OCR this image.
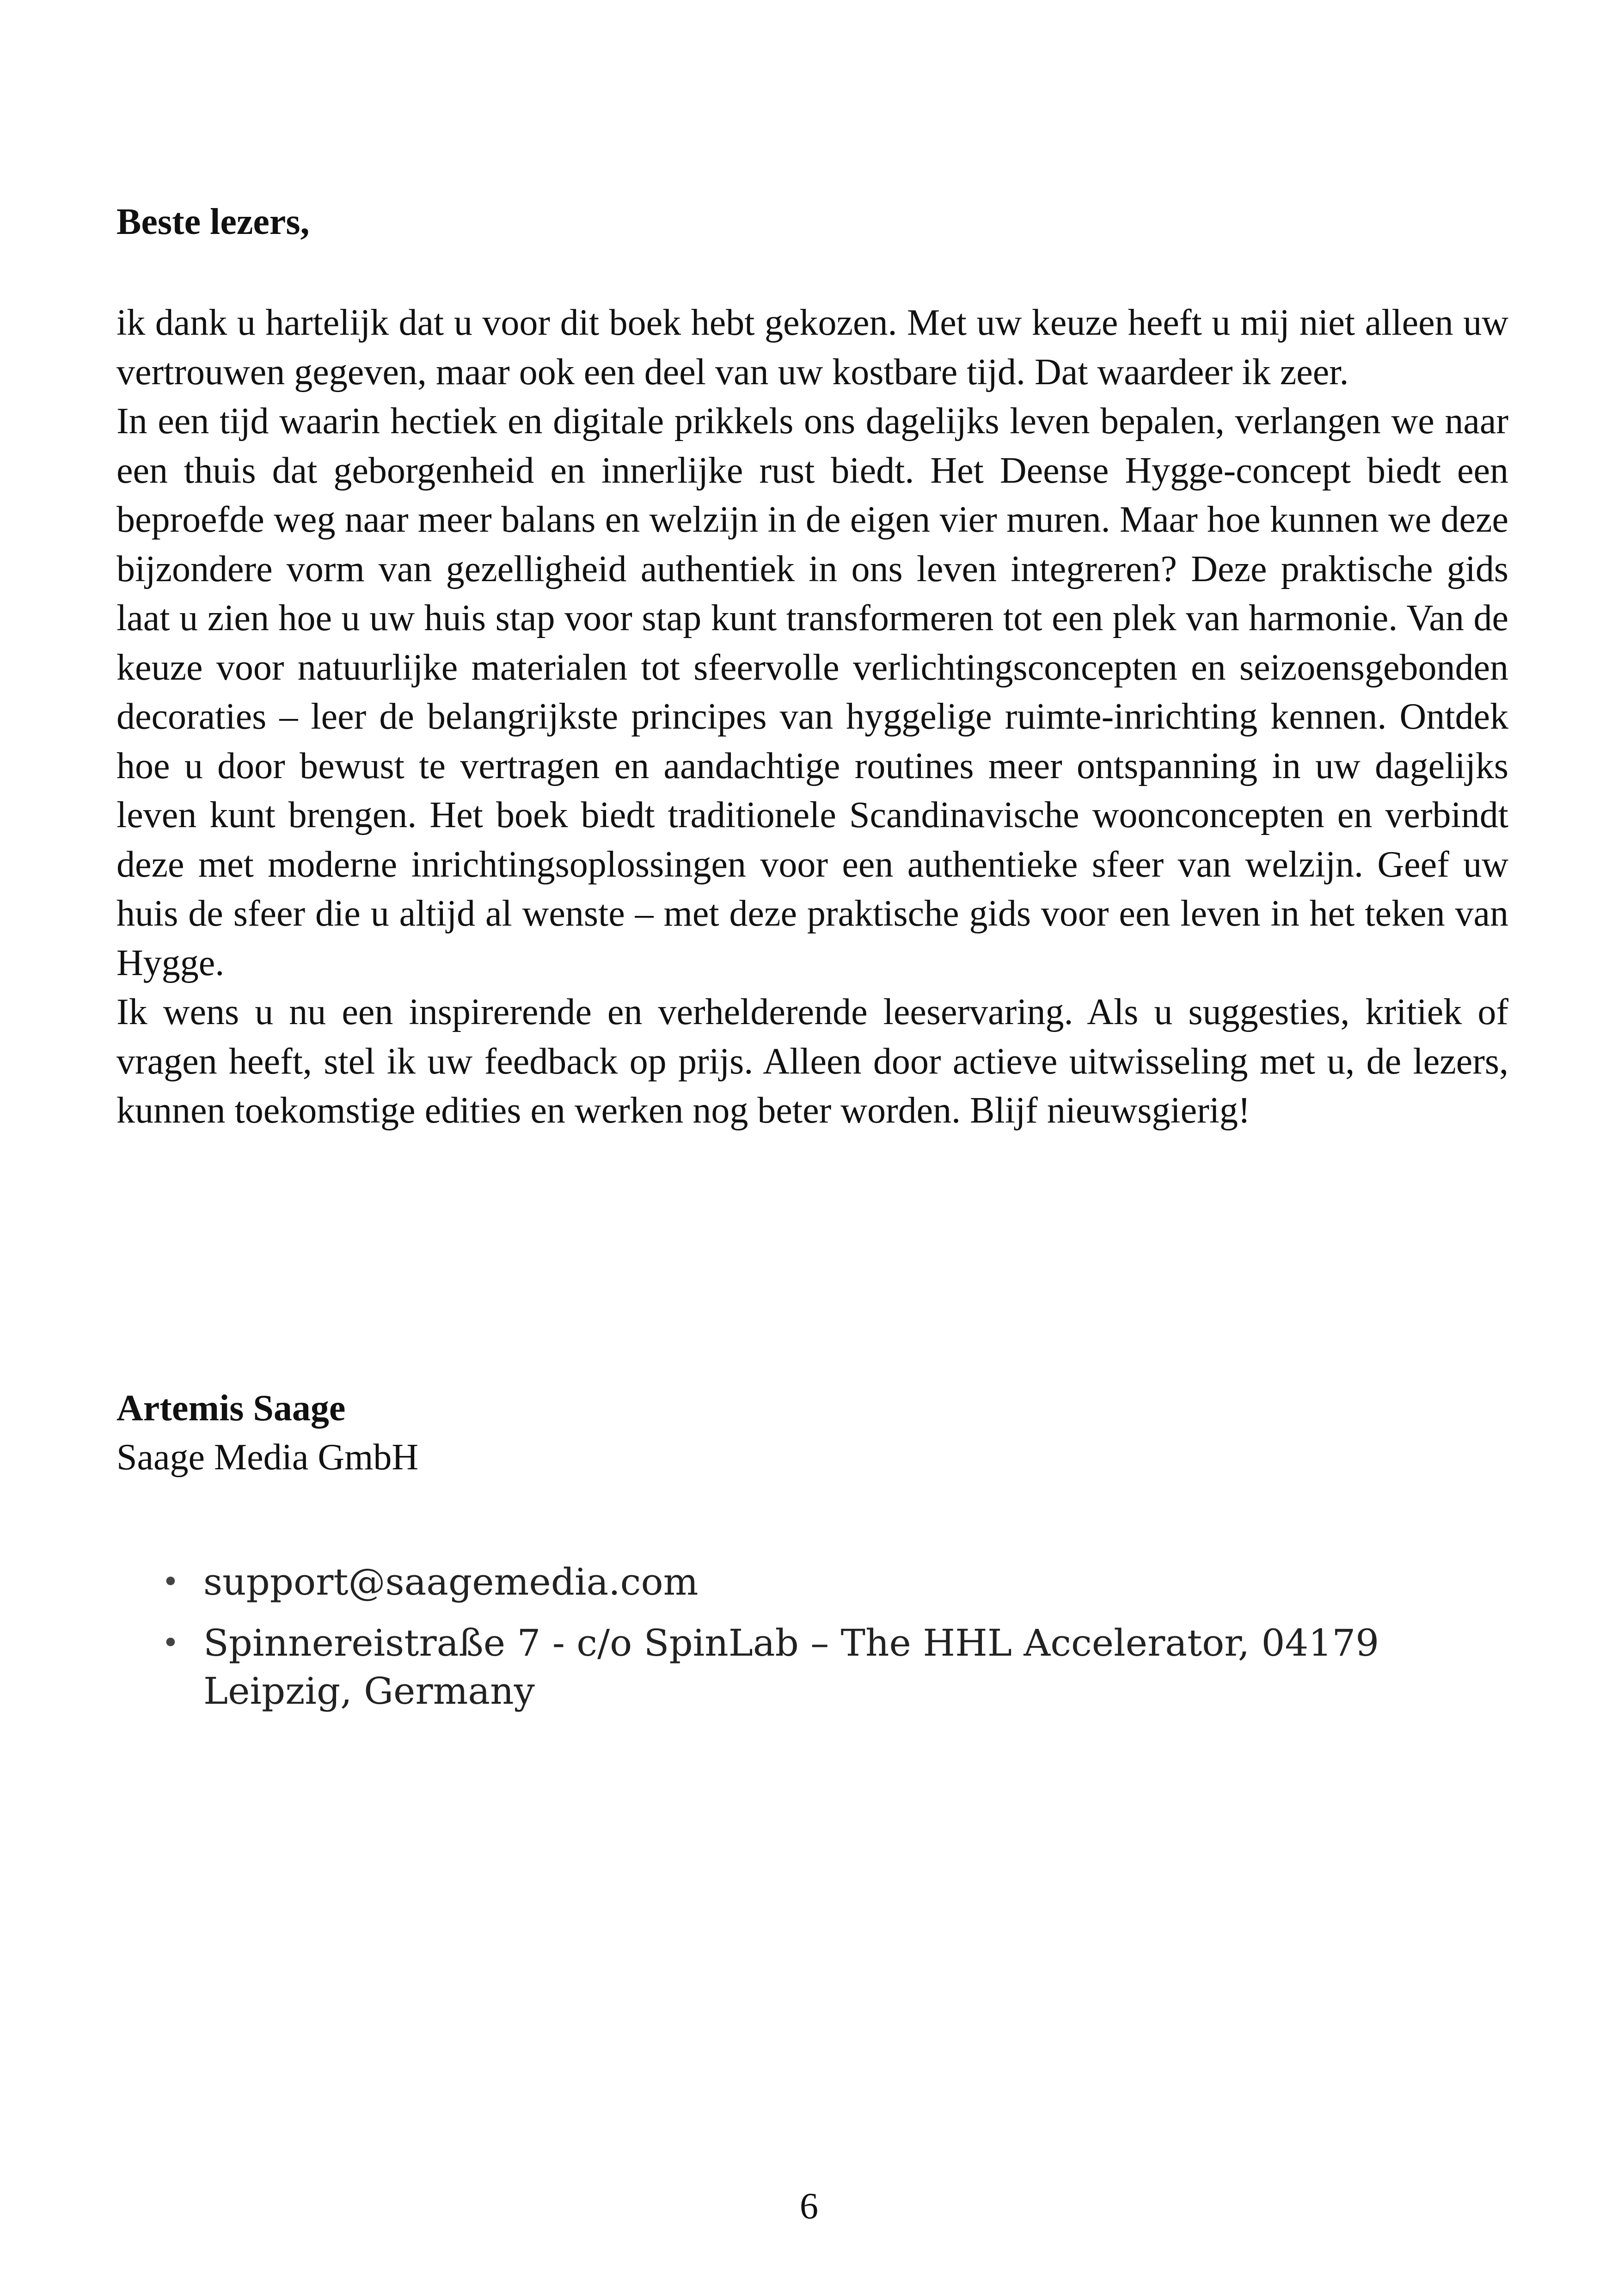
Beste lezers,

ik dank u hartelijk dat u voor dit boek hebt gekozen. Met uw keuze heeft u mij niet alleen uw vertrouwen gegeven, maar ook een deel van uw kostbare tijd. Dat waardeer ik zeer.

In een tijd waarin hectiek en digitale prikkels ons dagelijks leven bepalen, verlangen we naar een thuis dat geborgenheid en innerlijke rust biedt. Het Deense Hygge-concept biedt een beproefde weg naar meer balans en welzijn in de eigen vier muren. Maar hoe kunnen we deze bijzondere vorm van gezelligheid authentiek in ons leven integreren? Deze praktische gids laat u zien hoe u uw huis stap voor stap kunt transformeren tot een plek van harmonie. Van de keuze voor natuurlijke materialen tot sfeervolle verlichtingsconcepten en seizoensgebonden decoraties – leer de belangrijkste principes van hyggelige ruimte-inrichting kennen. Ontdek hoe u door bewust te vertragen en aandachtige routines meer ontspanning in uw dagelijks leven kunt brengen. Het boek biedt traditionele Scandinavische woonconcepten en verbindt deze met moderne inrichtingsoplossingen voor een authentieke sfeer van welzijn. Geef uw huis de sfeer die u altijd al wenste – met deze praktische gids voor een leven in het teken van Hygge.

Ik wens u nu een inspirerende en verhelderende leeservaring. Als u suggesties, kritiek of vragen heeft, stel ik uw feedback op prijs. Alleen door actieve uitwisseling met u, de lezers, kunnen toekomstige edities en werken nog beter worden. Blijf nieuwsgierig!

Artemis Saage
Saage Media GmbH
• support@saagemedia.com
• Spinnereistraße 7 - c/o SpinLab – The HHL Accelerator, 04179 Leipzig, Germany
6
